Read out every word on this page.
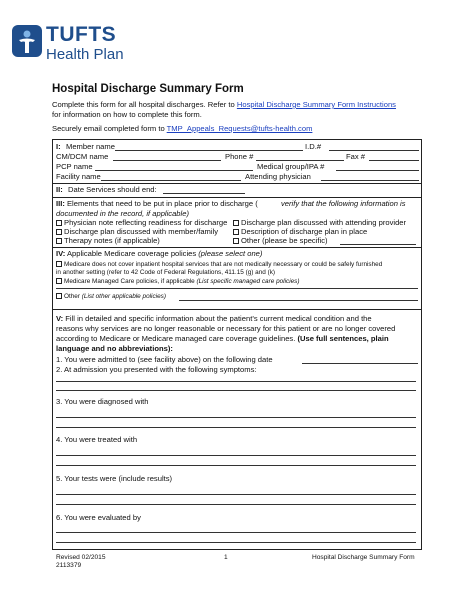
TUFTS
Health Plan
Hospital Discharge Summary Form
Complete this form for all hospital discharges. Refer to Hospital Discharge Summary Form Instructions
for information on how to complete this form.
Securely email completed form to TMP_Appeals_Requests@tufts-health.com
I: Member name	I.D.#
CM/DCM name	Phone #	Fax #
PCP name	Medical group/IPA #
Facility name	Attending physician
II: Date Services should end:
III: Elements that need to be put in place prior to discharge (	verify that the following information is documented in the record, if applicable)
Physician note reflecting readiness for discharge	Discharge plan discussed with attending provider
Discharge plan discussed with member/family	Description of discharge plan in place
Therapy notes (if applicable)	Other (please be specific)
IV: Applicable Medicare coverage policies (please select one)
Medicare does not cover inpatient hospital services that are not medically necessary or could be safely furnished
in another setting (refer to 42 Code of Federal Regulations, 411.15 (g) and (k)
Medicare Managed Care policies, if applicable (List specific managed care policies)
Other (List other applicable policies)
V: Fill in detailed and specific information about the patient’s current medical condition and the
reasons why services are no longer reasonable or necessary for this patient or are no longer covered
according to Medicare or Medicare managed care coverage guidelines. (Use full sentences, plain
language and no abbreviations):
1. You were admitted to (see facility above) on the following date
2. At admission you presented with the following symptoms:
3. You were diagnosed with
4. You were treated with
5. Your tests were (include results)
6. You were evaluated by
Revised 02/2015
2113379
1	Hospital Discharge Summary Form
